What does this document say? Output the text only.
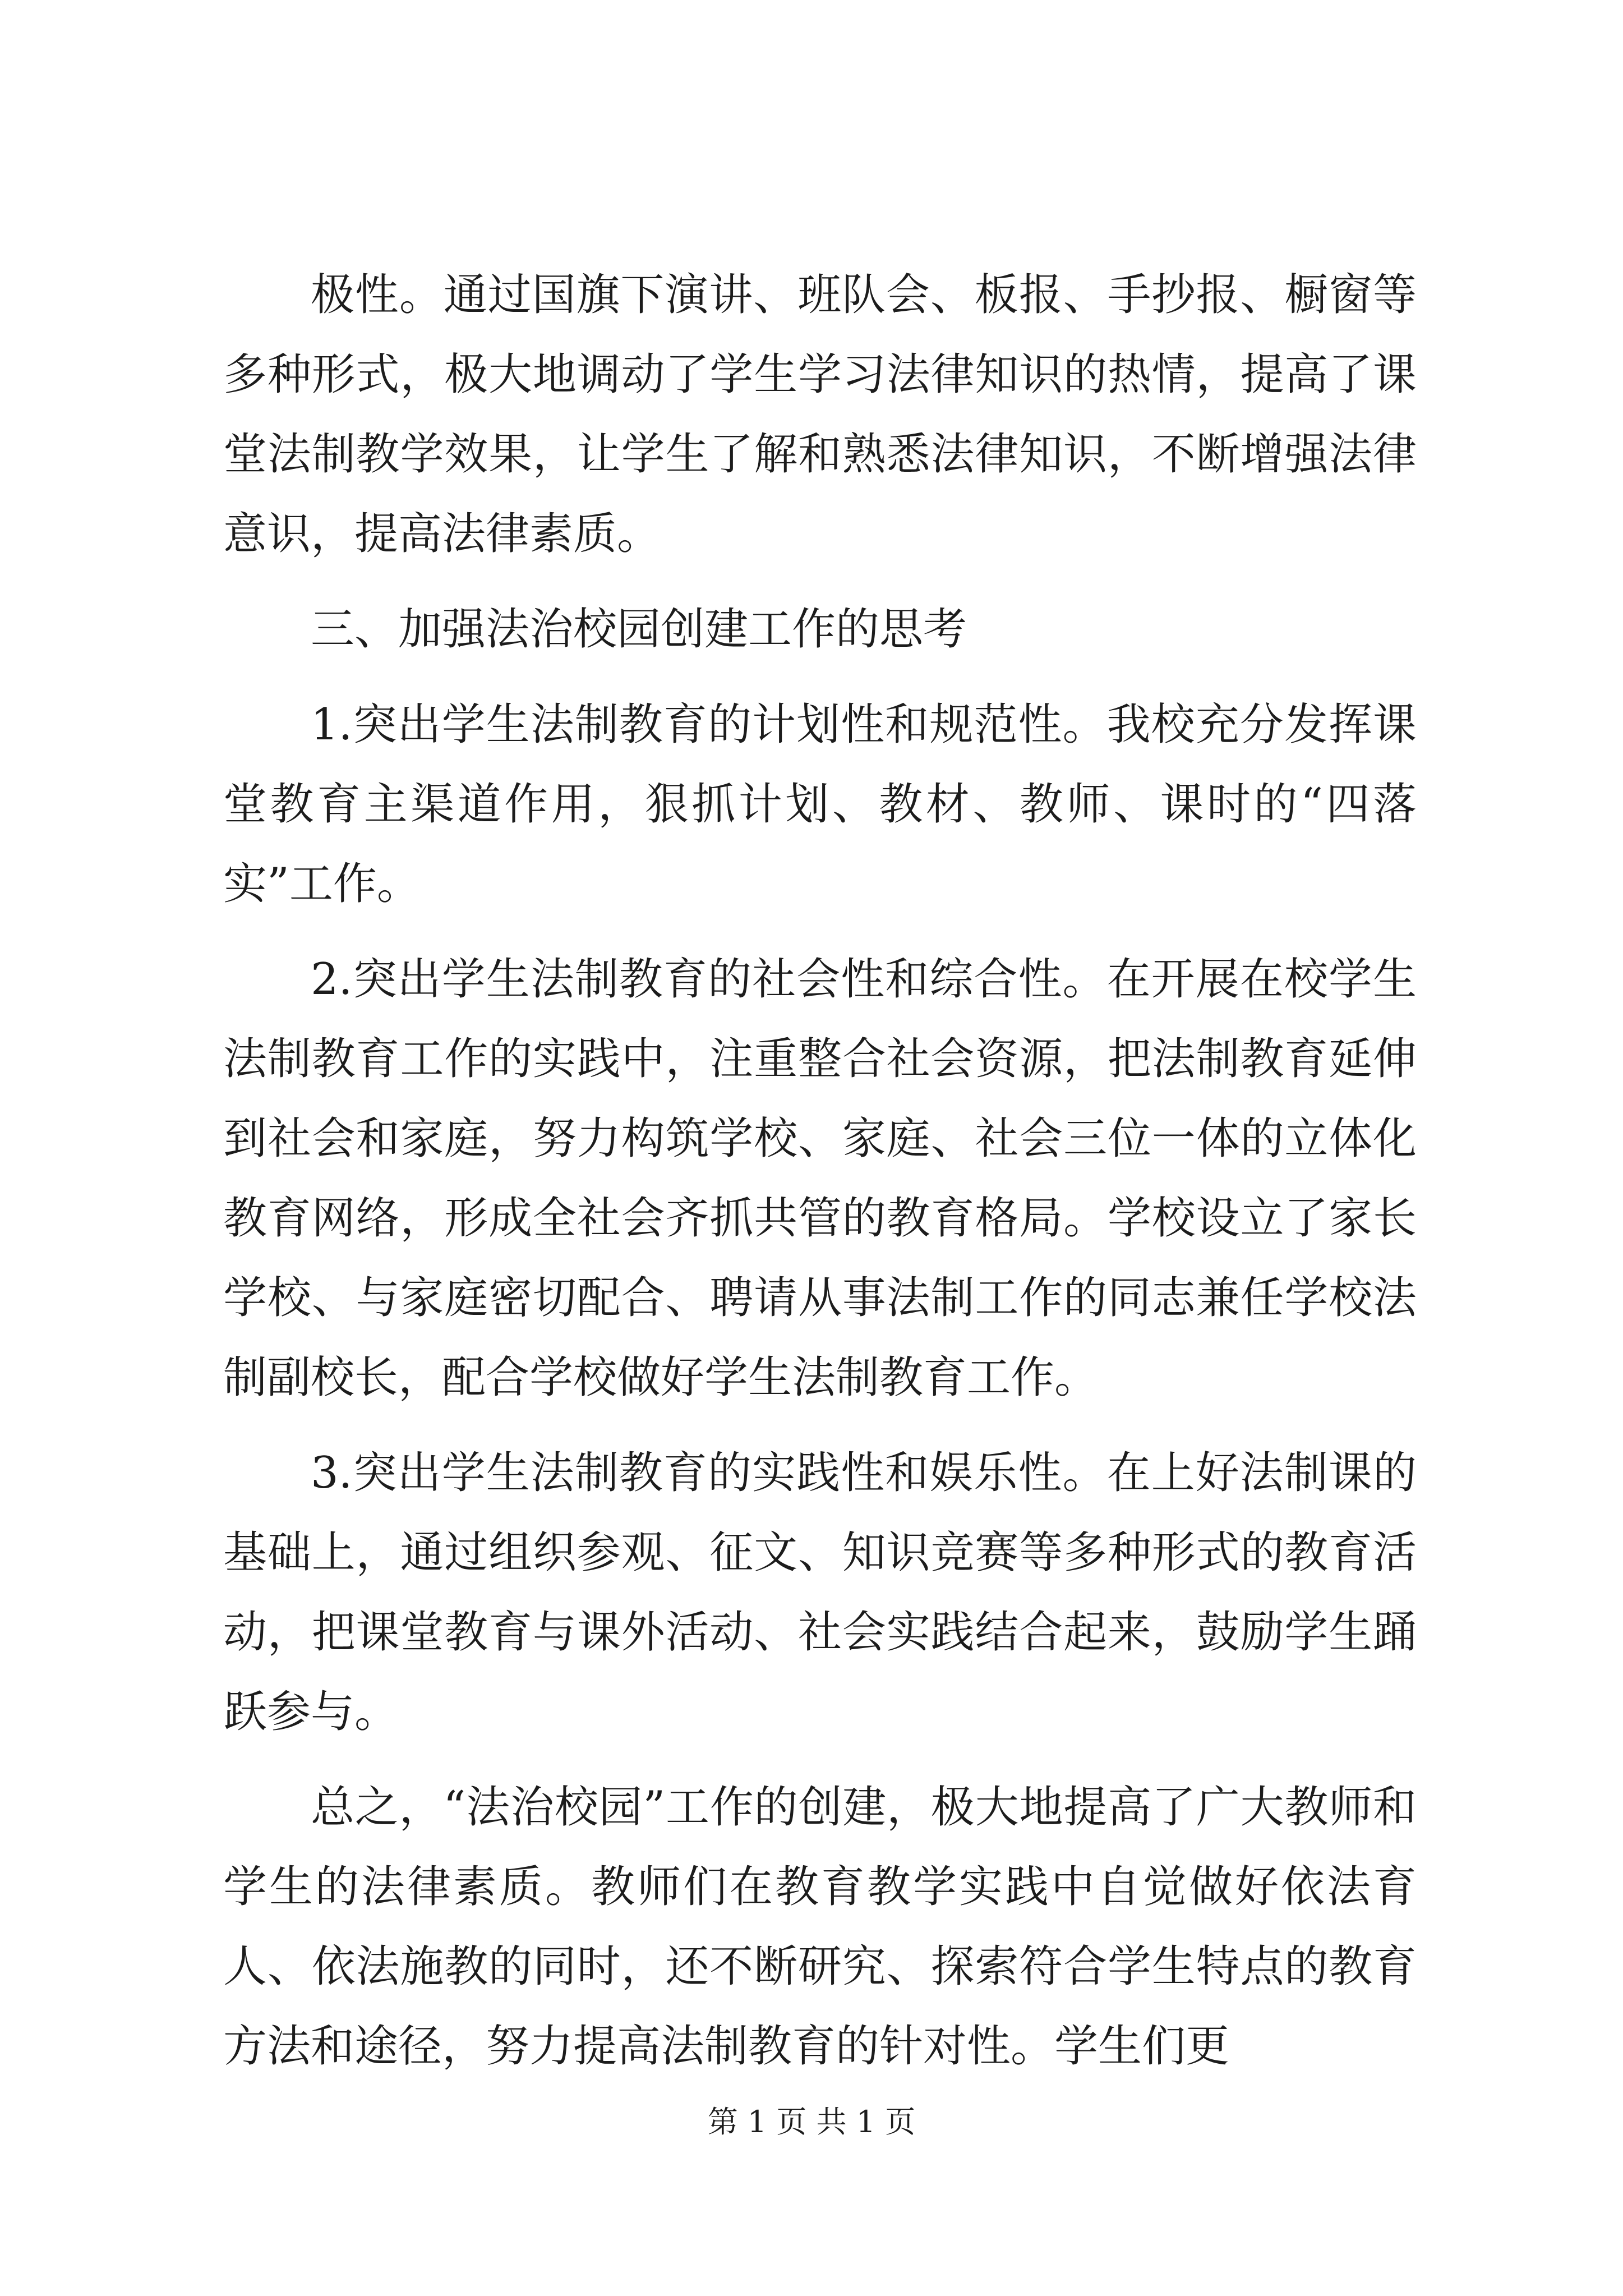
极性。通过国旗下演讲、班队会、板报、手抄报、橱窗等多种形式，极大地调动了学生学习法律知识的热情，提高了课堂法制教学效果，让学生了解和熟悉法律知识，不断增强法律意识，提高法律素质。

三、加强法治校园创建工作的思考

1.突出学生法制教育的计划性和规范性。我校充分发挥课堂教育主渠道作用，狠抓计划、教材、教师、课时的“四落实”工作。

2.突出学生法制教育的社会性和综合性。在开展在校学生法制教育工作的实践中，注重整合社会资源，把法制教育延伸到社会和家庭，努力构筑学校、家庭、社会三位一体的立体化教育网络，形成全社会齐抓共管的教育格局。学校设立了家长学校、与家庭密切配合、聘请从事法制工作的同志兼任学校法制副校长，配合学校做好学生法制教育工作。

3.突出学生法制教育的实践性和娱乐性。在上好法制课的基础上，通过组织参观、征文、知识竞赛等多种形式的教育活动，把课堂教育与课外活动、社会实践结合起来，鼓励学生踊跃参与。

总之，“法治校园”工作的创建，极大地提高了广大教师和学生的法律素质。教师们在教育教学实践中自觉做好依法育人、依法施教的同时，还不断研究、探索符合学生特点的教育方法和途径，努力提高法制教育的针对性。学生们更

第 1 页 共 1 页
